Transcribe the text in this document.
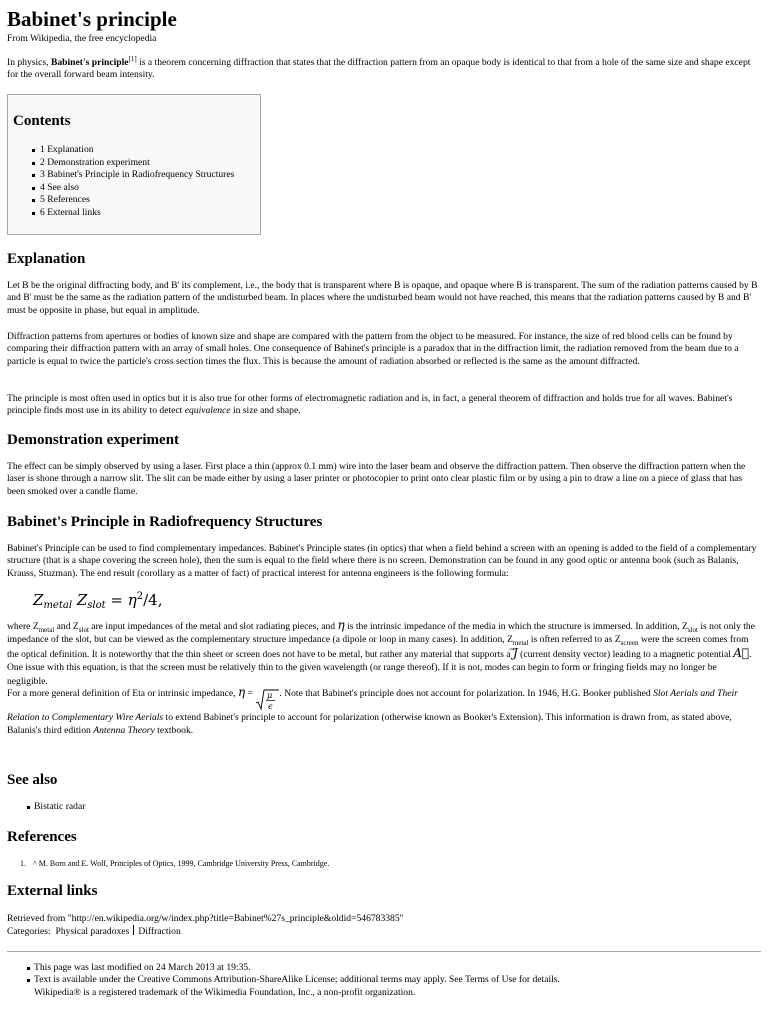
Babinet's principle
From Wikipedia, the free encyclopedia

In physics, Babinet's principle[1] is a theorem concerning diffraction that states that the diffraction pattern from an opaque body is identical to that from a hole of the same size and shape except for the overall forward beam intensity.

Contents
1 Explanation
2 Demonstration experiment
3 Babinet's Principle in Radiofrequency Structures
4 See also
5 References
6 External links
Explanation

Let B be the original diffracting body, and B' its complement, i.e., the body that is transparent where B is opaque, and opaque where B is transparent. The sum of the radiation patterns caused by B and B' must be the same as the radiation pattern of the undisturbed beam. In places where the undisturbed beam would not have reached, this means that the radiation patterns caused by B and B' must be opposite in phase, but equal in amplitude.

Diffraction patterns from apertures or bodies of known size and shape are compared with the pattern from the object to be measured. For instance, the size of red blood cells can be found by comparing their diffraction pattern with an array of small holes. One consequence of Babinet's principle is a paradox that in the diffraction limit, the radiation removed from the beam due to a particle is equal to twice the particle's cross section times the flux. This is because the amount of radiation absorbed or reflected is the same as the amount diffracted.

The principle is most often used in optics but it is also true for other forms of electromagnetic radiation and is, in fact, a general theorem of diffraction and holds true for all waves. Babinet's principle finds most use in its ability to detect equivalence in size and shape.

Demonstration experiment

The effect can be simply observed by using a laser. First place a thin (approx 0.1 mm) wire into the laser beam and observe the diffraction pattern. Then observe the diffraction pattern when the laser is shone through a narrow slit. The slit can be made either by using a laser printer or photocopier to print onto clear plastic film or by using a pin to draw a line on a piece of glass that has been smoked over a candle flame.

Babinet's Principle in Radiofrequency Structures

Babinet's Principle can be used to find complementary impedances. Babinet's Principle states (in optics) that when a field behind a screen with an opening is added to the field of a complementary structure (that is a shape covering the screen hole), then the sum is equal to the field where there is no screen. Demonstration can be found in any good optic or antenna book (such as Balanis, Krauss, Stuzman). The end result (corollary as a matter of fact) of practical interest for antenna engineers is the following formula:

$Z_{metal}$ $Z_{slot} = \eta^2/4$,

where $Z_{metal}$ and $Z_{slot}$ are input impedances of the metal and slot radiating pieces, and η is the intrinsic impedance of the media in which the structure is immersed. In addition, $Z_{slot}$ is not only the impedance of the slot, but can be viewed as the complementary structure impedance (a dipole or loop in many cases). In addition, $Z_{metal}$ is often referred to as $Z_{screen}$ were the screen comes from the optical definition. It is noteworthy that the thin sheet or screen does not have to be metal, but rather any material that supports a J (current density vector) leading to a magnetic potential A. One issue with this equation, is that the screen must be relatively thin to the given wavelength (or range thereof). If it is not, modes can begin to form or fringing fields may no longer be negligible.

For a more general definition of Eta or intrinsic impedance, η = μ
ϵ
. Note that Babinet's principle does not account for polarization. In 1946, H.G. Booker published Slot Aerials and Their Relation to Complementary Wire Aerials to extend Babinet's principle to account for polarization (otherwise known as Booker's Extension). This information is drawn from, as stated above, Balanis's third edition Antenna Theory textbook.

See also
Bistatic radar
References
1. ^ M. Born and E. Wolf, Principles of Optics, 1999, Cambridge University Press, Cambridge.
External links
Retrieved from "http://en.wikipedia.org/w/index.php?title=Babinet%27s_principle&oldid=546783385"
Categories: Physical paradoxes Diffraction
This page was last modified on 24 March 2013 at 19:35.
Text is available under the Creative Commons Attribution-ShareAlike License; additional terms may apply. See Terms of Use for details.
Wikipedia® is a registered trademark of the Wikimedia Foundation, Inc., a non-profit organization.
